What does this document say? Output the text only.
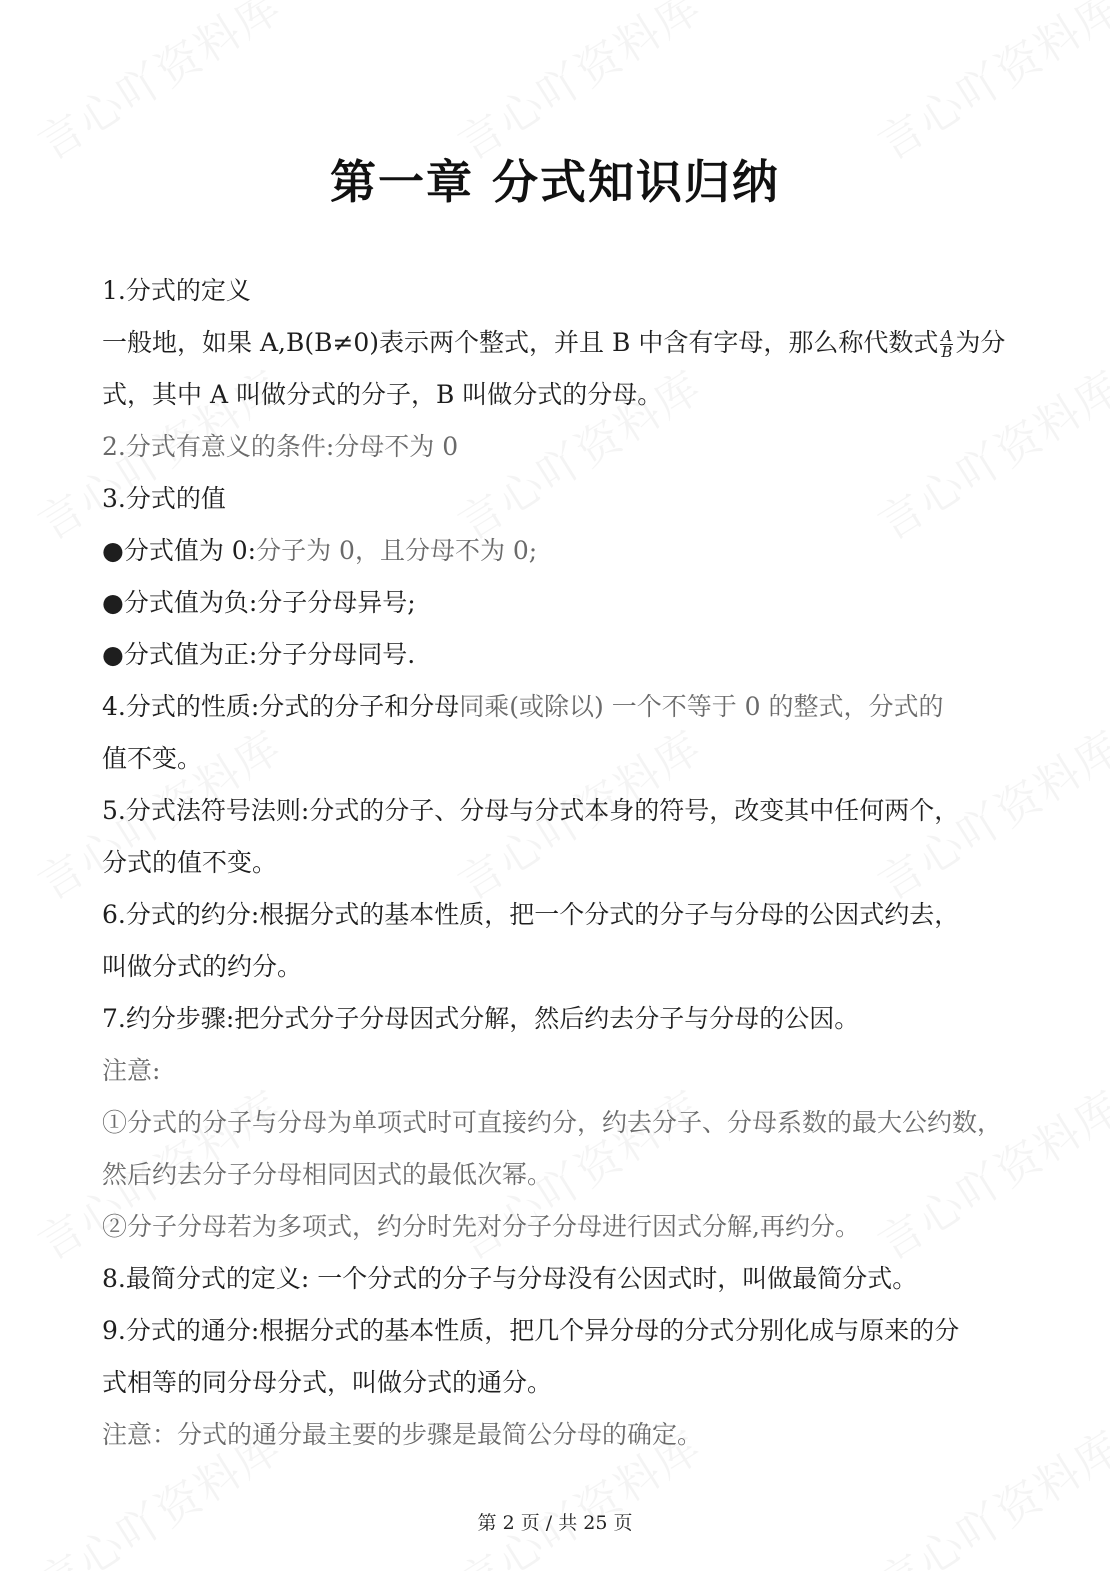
第一章 分式知识归纳
1.分式的定义
一般地，如果 A,B(B≠0)表示两个整式，并且 B 中含有字母，那么称代数式 $\frac{A}{B}$ 为分
式，其中 A 叫做分式的分子，B 叫做分式的分母。
2.分式有意义的条件:分母不为 0
3.分式的值
●分式值为 0:分子为 0，且分母不为 0;
●分式值为负:分子分母异号;
●分式值为正:分子分母同号.
4.分式的性质:分式的分子和分母同乘(或除以) 一个不等于 0 的整式，分式的
值不变。
5.分式法符号法则:分式的分子、分母与分式本身的符号，改变其中任何两个，
分式的值不变。
6.分式的约分:根据分式的基本性质，把一个分式的分子与分母的公因式约去，
叫做分式的约分。
7.约分步骤:把分式分子分母因式分解，然后约去分子与分母的公因。
注意:
①分式的分子与分母为单项式时可直接约分，约去分子、分母系数的最大公约数，
然后约去分子分母相同因式的最低次幂。
②分子分母若为多项式，约分时先对分子分母进行因式分解,再约分。
8.最简分式的定义: 一个分式的分子与分母没有公因式时，叫做最简分式。
9.分式的通分:根据分式的基本性质，把几个异分母的分式分别化成与原来的分
式相等的同分母分式，叫做分式的通分。
注意：分式的通分最主要的步骤是最简公分母的确定。
第 2 页 / 共 25 页
